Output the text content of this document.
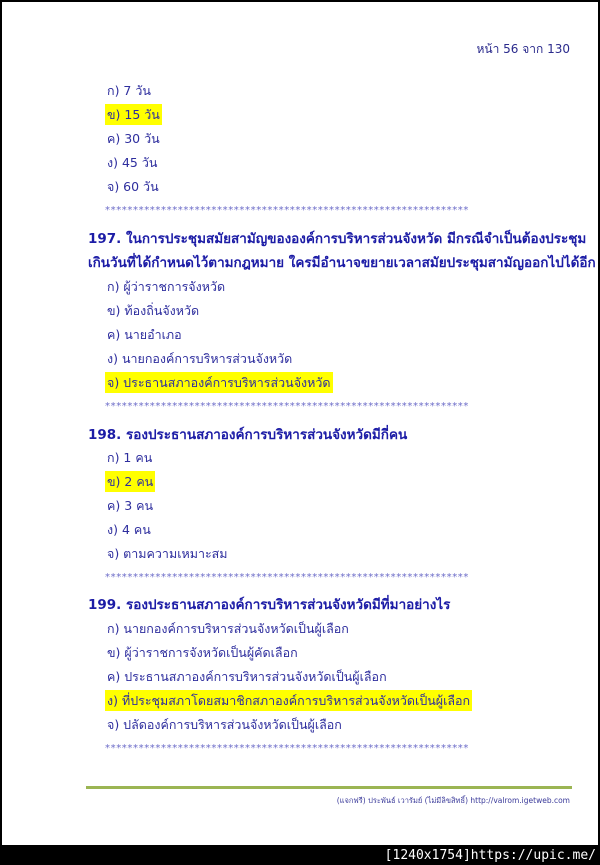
หน้า 56 จาก 130
ก) 7 วัน
ข) 15 วัน
ค) 30 วัน
ง) 45 วัน
จ) 60 วัน
*****************************************************************
197. ในการประชุมสมัยสามัญขององค์การบริหารส่วนจังหวัด มีกรณีจำเป็นต้องประชุม
เกินวันที่ได้กำหนดไว้ตามกฎหมาย ใครมีอำนาจขยายเวลาสมัยประชุมสามัญออกไปได้อีก
ก) ผู้ว่าราชการจังหวัด
ข) ท้องถิ่นจังหวัด
ค) นายอำเภอ
ง) นายกองค์การบริหารส่วนจังหวัด
จ) ประธานสภาองค์การบริหารส่วนจังหวัด
*****************************************************************
198. รองประธานสภาองค์การบริหารส่วนจังหวัดมีกี่คน
ก) 1 คน
ข) 2 คน
ค) 3 คน
ง) 4 คน
จ) ตามความเหมาะสม
*****************************************************************
199. รองประธานสภาองค์การบริหารส่วนจังหวัดมีที่มาอย่างไร
ก) นายกองค์การบริหารส่วนจังหวัดเป็นผู้เลือก
ข) ผู้ว่าราชการจังหวัดเป็นผู้คัดเลือก
ค) ประธานสภาองค์การบริหารส่วนจังหวัดเป็นผู้เลือก
ง) ที่ประชุมสภาโดยสมาชิกสภาองค์การบริหารส่วนจังหวัดเป็นผู้เลือก
จ) ปลัดองค์การบริหารส่วนจังหวัดเป็นผู้เลือก
*****************************************************************
(แจกฟรี) ประพันธ์ เวารัมย์ (ไม่มีลิขสิทธิ์) http://valrom.igetweb.com
[1240x1754]https://upic.me/
